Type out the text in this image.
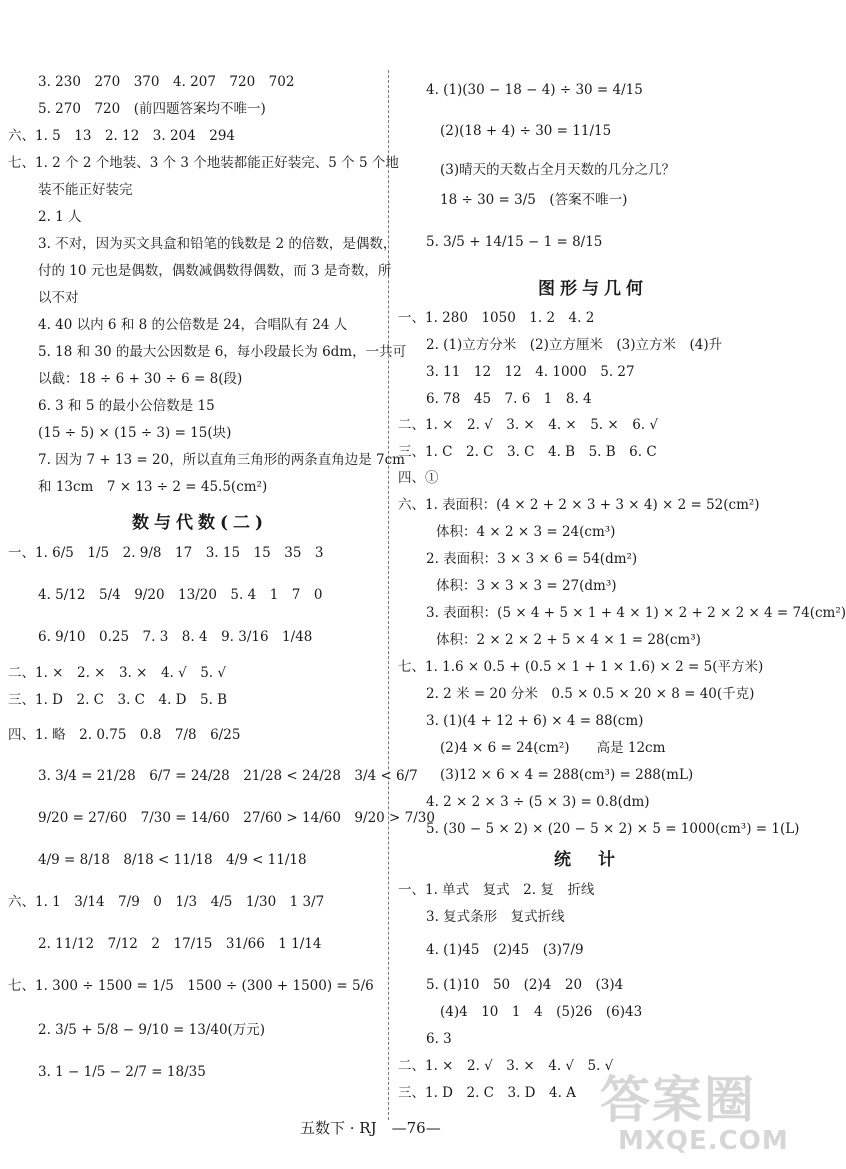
3. 230　270　370　4. 207　720　702
5. 270　720　(前四题答案均不唯一)
六、1. 5　13　2. 12　3. 204　294
七、1. 2 个 2 个地装、3 个 3 个地装都能正好装完、5 个 5 个地
装不能正好装完
2. 1 人
3. 不对，因为买文具盒和铅笔的钱数是 2 的倍数，是偶数，
付的 10 元也是偶数，偶数减偶数得偶数，而 3 是奇数，所
以不对
4. 40 以内 6 和 8 的公倍数是 24，合唱队有 24 人
5. 18 和 30 的最大公因数是 6，每小段最长为 6dm，一共可
以截：18 ÷ 6 + 30 ÷ 6 = 8(段)
6. 3 和 5 的最小公倍数是 15
(15 ÷ 5) × (15 ÷ 3) = 15(块)
7. 因为 7 + 13 = 20，所以直角三角形的两条直角边是 7cm
和 13cm　7 × 13 ÷ 2 = 45.5(cm²)
数与代数(二)
一、1. 6/5　1/5　2. 9/8　17　3. 15　15　35　3
4. 5/12　5/4　9/20　13/20　5. 4　1　7　0
6. 9/10　0.25　7. 3　8. 4　9. 3/16　1/48
二、1. ×　2. ×　3. ×　4. √　5. √
三、1. D　2. C　3. C　4. D　5. B
四、1. 略　2. 0.75　0.8　7/8　6/25
3. 3/4 = 21/28　6/7 = 24/28　21/28 < 24/28　3/4 < 6/7
9/20 = 27/60　7/30 = 14/60　27/60 > 14/60　9/20 > 7/30
4/9 = 8/18　8/18 < 11/18　4/9 < 11/18
六、1. 1　3/14　7/9　0　1/3　4/5　1/30　1 3/7
2. 11/12　7/12　2　17/15　31/66　1 1/14
七、1. 300 ÷ 1500 = 1/5　1500 ÷ (300 + 1500) = 5/6
2. 3/5 + 5/8 − 9/10 = 13/40(万元)
3. 1 − 1/5 − 2/7 = 18/35
4. (1)(30 − 18 − 4) ÷ 30 = 4/15
(2)(18 + 4) ÷ 30 = 11/15
(3)晴天的天数占全月天数的几分之几？
18 ÷ 30 = 3/5　(答案不唯一)
5. 3/5 + 14/15 − 1 = 8/15
图形与几何
一、1. 280　1050　1. 2　4. 2
2. (1)立方分米　(2)立方厘米　(3)立方米　(4)升
3. 11　12　12　4. 1000　5. 27
6. 78　45　7. 6　1　8. 4
二、1. ×　2. √　3. ×　4. ×　5. ×　6. √
三、1. C　2. C　3. C　4. B　5. B　6. C
四、①
六、1. 表面积：(4 × 2 + 2 × 3 + 3 × 4) × 2 = 52(cm²)
体积：4 × 2 × 3 = 24(cm³)
2. 表面积：3 × 3 × 6 = 54(dm²)
体积：3 × 3 × 3 = 27(dm³)
3. 表面积：(5 × 4 + 5 × 1 + 4 × 1) × 2 + 2 × 2 × 4 = 74(cm²)
体积：2 × 2 × 2 + 5 × 4 × 1 = 28(cm³)
七、1. 1.6 × 0.5 + (0.5 × 1 + 1 × 1.6) × 2 = 5(平方米)
2. 2 米 = 20 分米　0.5 × 0.5 × 20 × 8 = 40(千克)
3. (1)(4 + 12 + 6) × 4 = 88(cm)
(2)4 × 6 = 24(cm²)　　高是 12cm
(3)12 × 6 × 4 = 288(cm³) = 288(mL)
4. 2 × 2 × 3 ÷ (5 × 3) = 0.8(dm)
5. (30 − 5 × 2) × (20 − 5 × 2) × 5 = 1000(cm³) = 1(L)
统　计
一、1. 单式　复式　2. 复　折线
3. 复式条形　复式折线
4. (1)45　(2)45　(3)7/9
5. (1)10　50　(2)4　20　(3)4
(4)4　10　1　4　(5)26　(6)43
6. 3
二、1. ×　2. √　3. ×　4. √　5. √
三、1. D　2. C　3. D　4. A
五数下 · RJ　—76—	答案圈
MXQE.COM
